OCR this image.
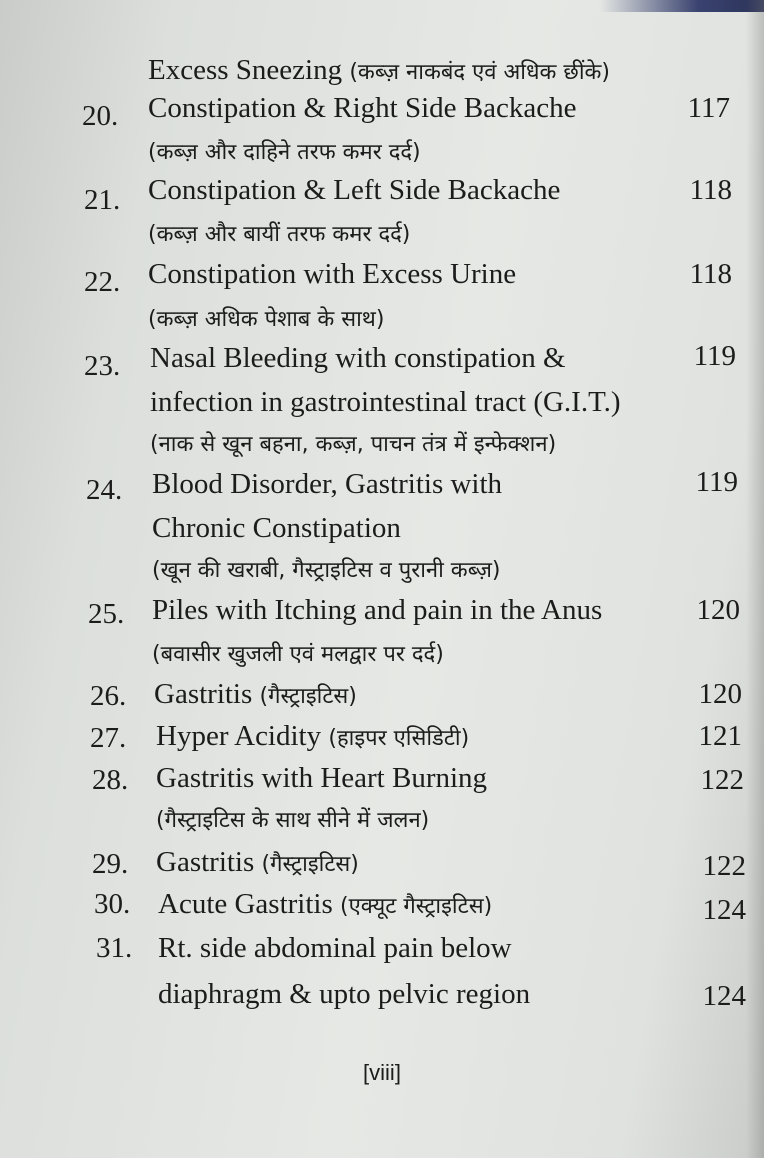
Excess Sneezing (कब्ज़ नाकबंद एवं अधिक छींके)
20. Constipation & Right Side Backache	117
(कब्ज़ और दाहिने तरफ कमर दर्द)
21. Constipation & Left Side Backache	118
(कब्ज़ और बायीं तरफ कमर दर्द)
22. Constipation with Excess Urine	118
(कब्ज़ अधिक पेशाब के साथ)
23. Nasal Bleeding with constipation &	119
infection in gastrointestinal tract (G.I.T.)
(नाक से खून बहना, कब्ज़, पाचन तंत्र में इन्फेक्शन)
24. Blood Disorder, Gastritis with	119
Chronic Constipation
(खून की खराबी, गैस्ट्राइटिस व पुरानी कब्ज़)
25. Piles with Itching and pain in the Anus	120
(बवासीर खुजली एवं मलद्वार पर दर्द)
26. Gastritis (गैस्ट्राइटिस)	120
27. Hyper Acidity (हाइपर एसिडिटी)	121
28. Gastritis with Heart Burning	122
(गैस्ट्राइटिस के साथ सीने में जलन)
29. Gastritis (गैस्ट्राइटिस)	122
30. Acute Gastritis (एक्यूट गैस्ट्राइटिस)	124
31. Rt. side abdominal pain below
diaphragm & upto pelvic region	124
[viii]
